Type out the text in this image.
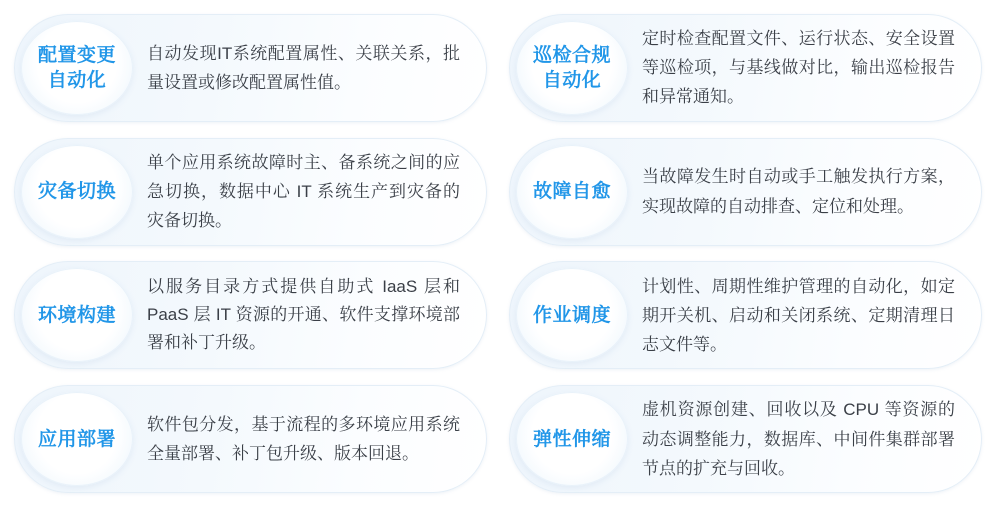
配置变更
自动化
自动发现IT系统配置属性、关联关系，批量设置或修改配置属性值。
巡检合规
自动化
定时检查配置文件、运行状态、安全设置等巡检项，与基线做对比，输出巡检报告和异常通知。
灾备切换
单个应用系统故障时主、备系统之间的应急切换，数据中心 IT 系统生产到灾备的灾备切换。
故障自愈
当故障发生时自动或手工触发执行方案，实现故障的自动排查、定位和处理。
环境构建
以服务目录方式提供自助式 IaaS 层和PaaS 层 IT 资源的开通、软件支撑环境部署和补丁升级。
作业调度
计划性、周期性维护管理的自动化，如定期开关机、启动和关闭系统、定期清理日志文件等。
应用部署
软件包分发，基于流程的多环境应用系统全量部署、补丁包升级、版本回退。
弹性伸缩
虚机资源创建、回收以及 CPU 等资源的动态调整能力，数据库、中间件集群部署节点的扩充与回收。
